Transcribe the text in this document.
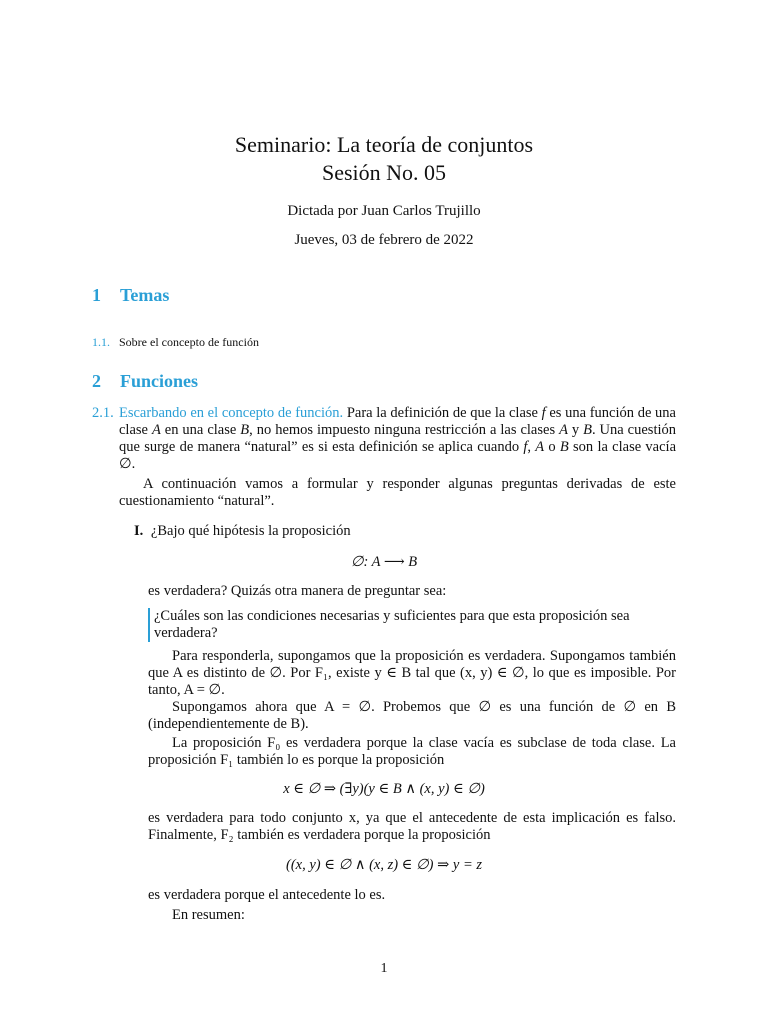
Seminario: La teoría de conjuntos
Sesión No. 05
Dictada por Juan Carlos Trujillo
Jueves, 03 de febrero de 2022
1 Temas
1.1. Sobre el concepto de función
2 Funciones
2.1. Escarbando en el concepto de función. Para la definición de que la clase f es una función de una clase A en una clase B, no hemos impuesto ninguna restricción a las clases A y B. Una cuestión que surge de manera “natural” es si esta definición se aplica cuando f, A o B son la clase vacía ∅.
A continuación vamos a formular y responder algunas preguntas derivadas de este cuestionamiento “natural”.
I. ¿Bajo qué hipótesis la proposición
∅: A ⟶ B
es verdadera? Quizás otra manera de preguntar sea:
¿Cuáles son las condiciones necesarias y suficientes para que esta proposición sea verdadera?
Para responderla, supongamos que la proposición es verdadera. Supongamos también que A es distinto de ∅. Por F₁, existe y ∈ B tal que (x, y) ∈ ∅, lo que es imposible. Por tanto, A = ∅.
Supongamos ahora que A = ∅. Probemos que ∅ es una función de ∅ en B (independientemente de B).
La proposición F₀ es verdadera porque la clase vacía es subclase de toda clase. La proposición F₁ también lo es porque la proposición
x ∈ ∅ ⇒ (∃y)(y ∈ B ∧ (x, y) ∈ ∅)
es verdadera para todo conjunto x, ya que el antecedente de esta implicación es falso. Finalmente, F₂ también es verdadera porque la proposición
((x, y) ∈ ∅ ∧ (x, z) ∈ ∅) ⇒ y = z
es verdadera porque el antecedente lo es.
En resumen:
1
